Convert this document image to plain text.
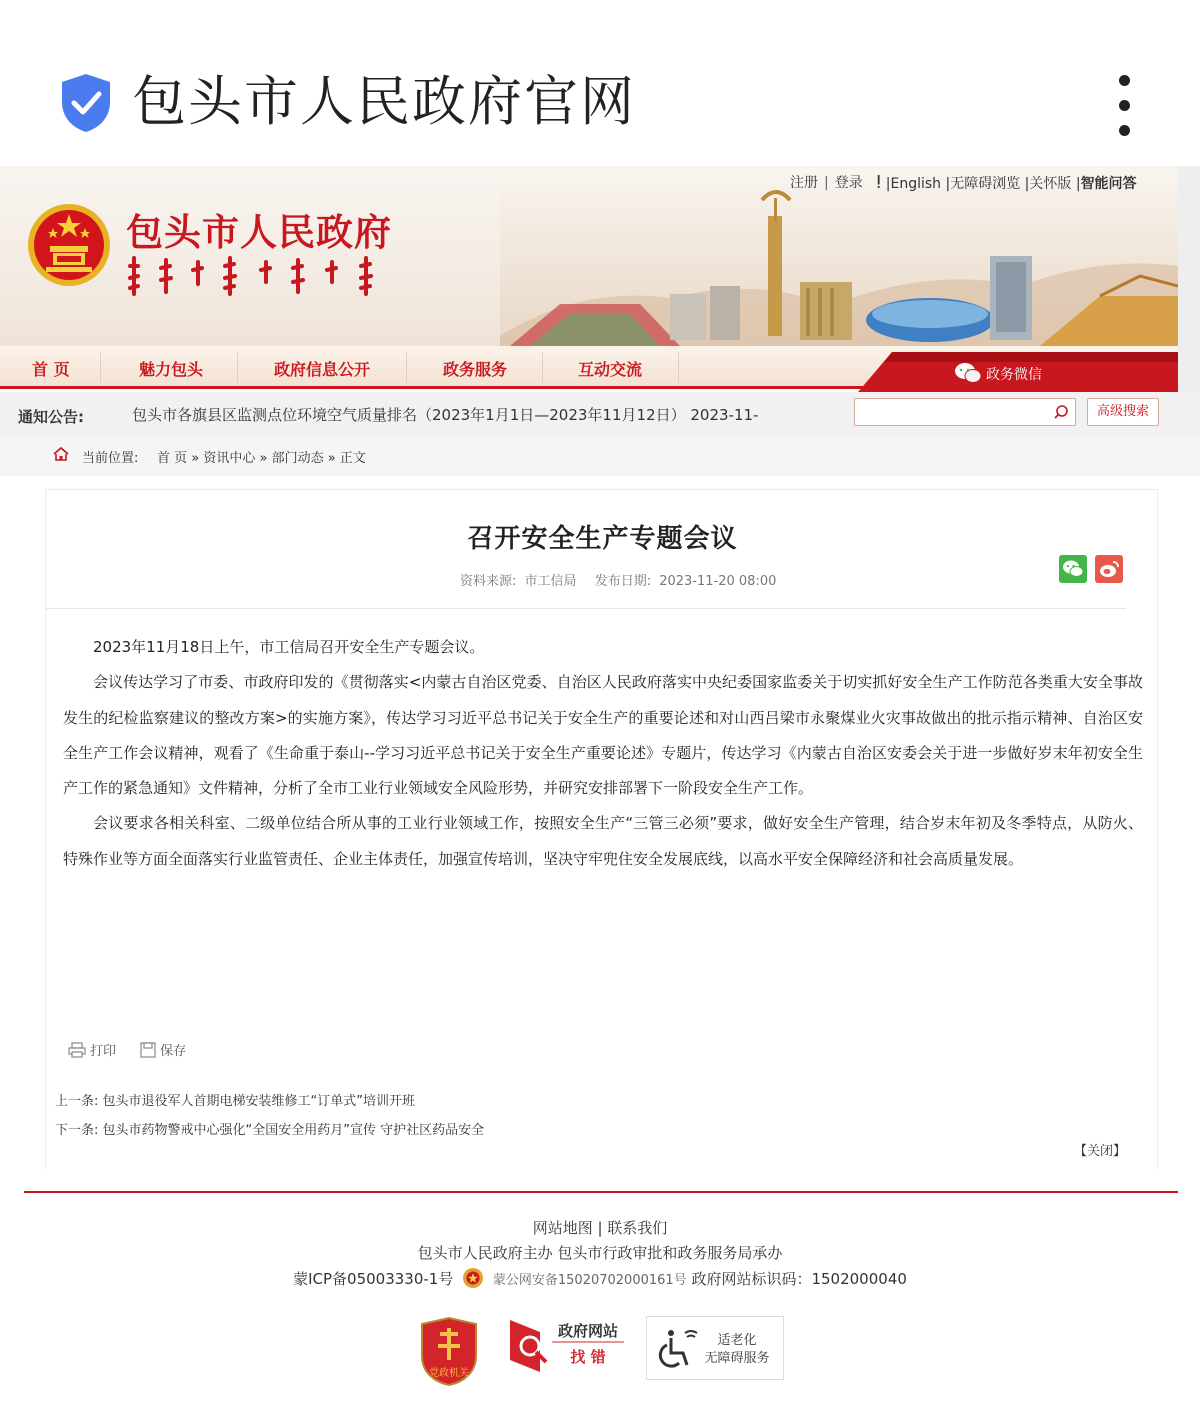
包头市人民政府官网
包头市人民政府
注册 | 登录 ⵑ |English |无障碍浏览 |关怀版 |智能问答
首 页	魅力包头	政府信息公开	政务服务	互动交流	政务微信
通知公告:	包头市各旗县区监测点位环境空气质量排名（2023年1月1日—2023年11月12日） 2023-11-	高级搜索
当前位置: 首 页 » 资讯中心 » 部门动态 » 正文
召开安全生产专题会议
资料来源: 市工信局 发布日期: 2023-11-20 08:00

2023年11月18日上午，市工信局召开安全生产专题会议。

会议传达学习了市委、市政府印发的《贯彻落实<内蒙古自治区党委、自治区人民政府落实中央纪委国家监委关于切实抓好安全生产工作防范各类重大安全事故发生的纪检监察建议的整改方案>的实施方案》，传达学习习近平总书记关于安全生产的重要论述和对山西吕梁市永聚煤业火灾事故做出的批示指示精神、自治区安全生产工作会议精神，观看了《生命重于泰山--学习习近平总书记关于安全生产重要论述》专题片，传达学习《内蒙古自治区安委会关于进一步做好岁末年初安全生产工作的紧急通知》文件精神，分析了全市工业行业领域安全风险形势，并研究安排部署下一阶段安全生产工作。

会议要求各相关科室、二级单位结合所从事的工业行业领域工作，按照安全生产“三管三必须”要求，做好安全生产管理，结合岁末年初及冬季特点，从防火、特殊作业等方面全面落实行业监管责任、企业主体责任，加强宣传培训，坚决守牢兜住安全发展底线，以高水平安全保障经济和社会高质量发展。

打印	保存
上一条: 包头市退役军人首期电梯安装维修工“订单式”培训开班
下一条: 包头市药物警戒中心强化“全国安全用药月”宣传 守护社区药品安全
【关闭】
网站地图 | 联系我们
包头市人民政府主办 包头市行政审批和政务服务局承办
蒙ICP备05003330-1号	蒙公网安备15020702000161号 政府网站标识码：1502000040
党政机关
政府网站
找 错
适老化
无障碍服务
